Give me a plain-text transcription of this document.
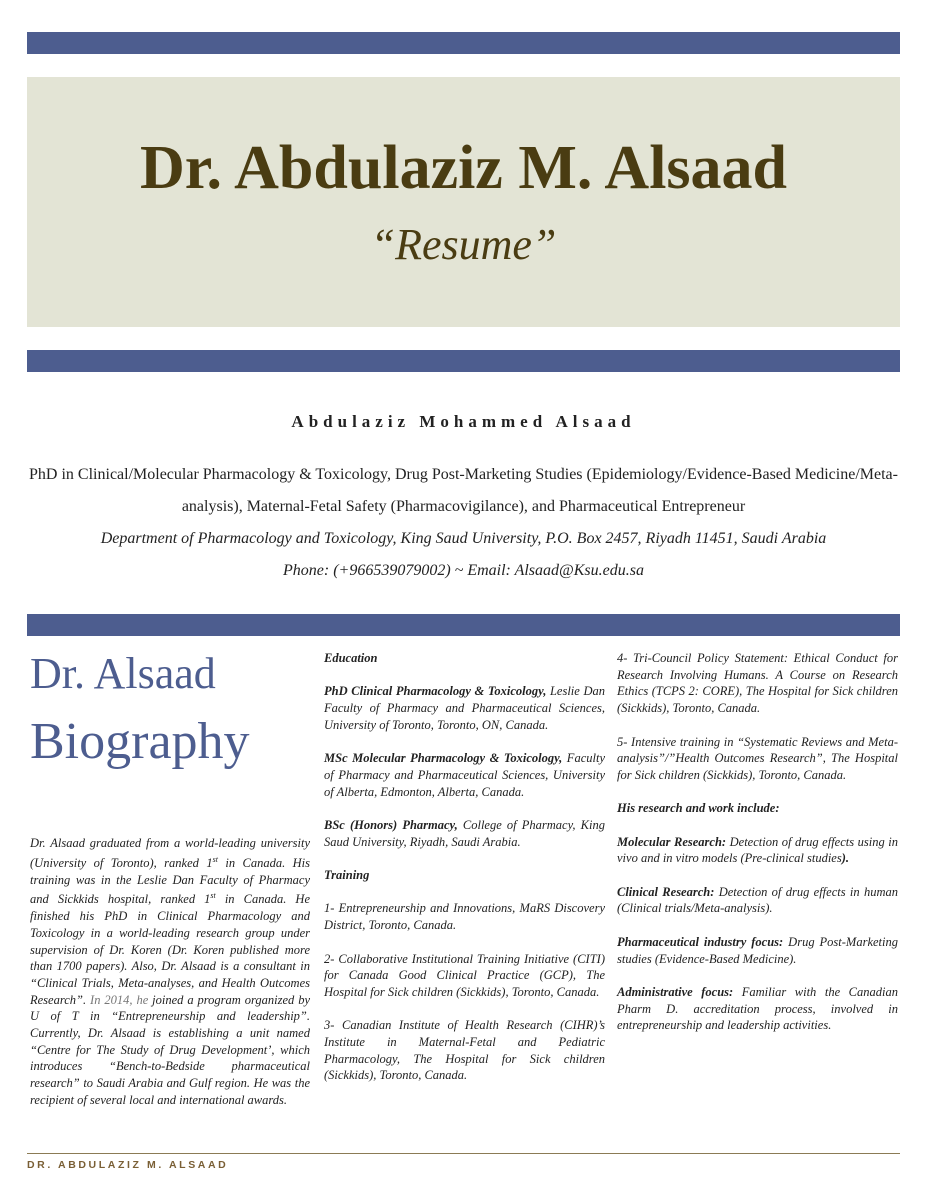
Dr. Abdulaziz M. Alsaad
“Resume”
Abdulaziz Mohammed Alsaad
PhD in Clinical/Molecular Pharmacology & Toxicology, Drug Post-Marketing Studies (Epidemiology/Evidence-Based Medicine/Meta-analysis), Maternal-Fetal Safety (Pharmacovigilance), and Pharmaceutical Entrepreneur
Department of Pharmacology and Toxicology, King Saud University, P.O. Box 2457, Riyadh 11451, Saudi Arabia
Phone: (+966539079002) ~ Email: Alsaad@Ksu.edu.sa
Dr. Alsaad
Biography

Dr. Alsaad graduated from a world-leading university (University of Toronto), ranked 1st in Canada. His training was in the Leslie Dan Faculty of Pharmacy and Sickkids hospital, ranked 1st in Canada. He finished his PhD in Clinical Pharmacology and Toxicology in a world-leading research group under supervision of Dr. Koren (Dr. Koren published more than 1700 papers). Also, Dr. Alsaad is a consultant in “Clinical Trials, Meta-analyses, and Health Outcomes Research”. In 2014, he joined a program organized by U of T in “Entrepreneurship and leadership”. Currently, Dr. Alsaad is establishing a unit named “Centre for The Study of Drug Development’, which introduces “Bench-to-Bedside pharmaceutical research” to Saudi Arabia and Gulf region. He was the recipient of several local and international awards.

Education

PhD Clinical Pharmacology & Toxicology, Leslie Dan Faculty of Pharmacy and Pharmaceutical Sciences, University of Toronto, Toronto, ON, Canada.

MSc Molecular Pharmacology & Toxicology, Faculty of Pharmacy and Pharmaceutical Sciences, University of Alberta, Edmonton, Alberta, Canada.

BSc (Honors) Pharmacy, College of Pharmacy, King Saud University, Riyadh, Saudi Arabia.

Training

1- Entrepreneurship and Innovations, MaRS Discovery District, Toronto, Canada.

2- Collaborative Institutional Training Initiative (CITI) for Canada Good Clinical Practice (GCP), The Hospital for Sick children (Sickkids), Toronto, Canada.

3- Canadian Institute of Health Research (CIHR)’s Institute in Maternal-Fetal and Pediatric Pharmacology, The Hospital for Sick children (Sickkids), Toronto, Canada.

4- Tri-Council Policy Statement: Ethical Conduct for Research Involving Humans. A Course on Research Ethics (TCPS 2: CORE), The Hospital for Sick children (Sickkids), Toronto, Canada.

5- Intensive training in “Systematic Reviews and Meta-analysis”/”Health Outcomes Research”, The Hospital for Sick children (Sickkids), Toronto, Canada.

His research and work include:

Molecular Research: Detection of drug effects using in vivo and in vitro models (Pre-clinical studies).

Clinical Research: Detection of drug effects in human (Clinical trials/Meta-analysis).

Pharmaceutical industry focus: Drug Post-Marketing studies (Evidence-Based Medicine).

Administrative focus: Familiar with the Canadian Pharm D. accreditation process, involved in entrepreneurship and leadership activities.

DR. ABDULAZIZ M. ALSAAD
